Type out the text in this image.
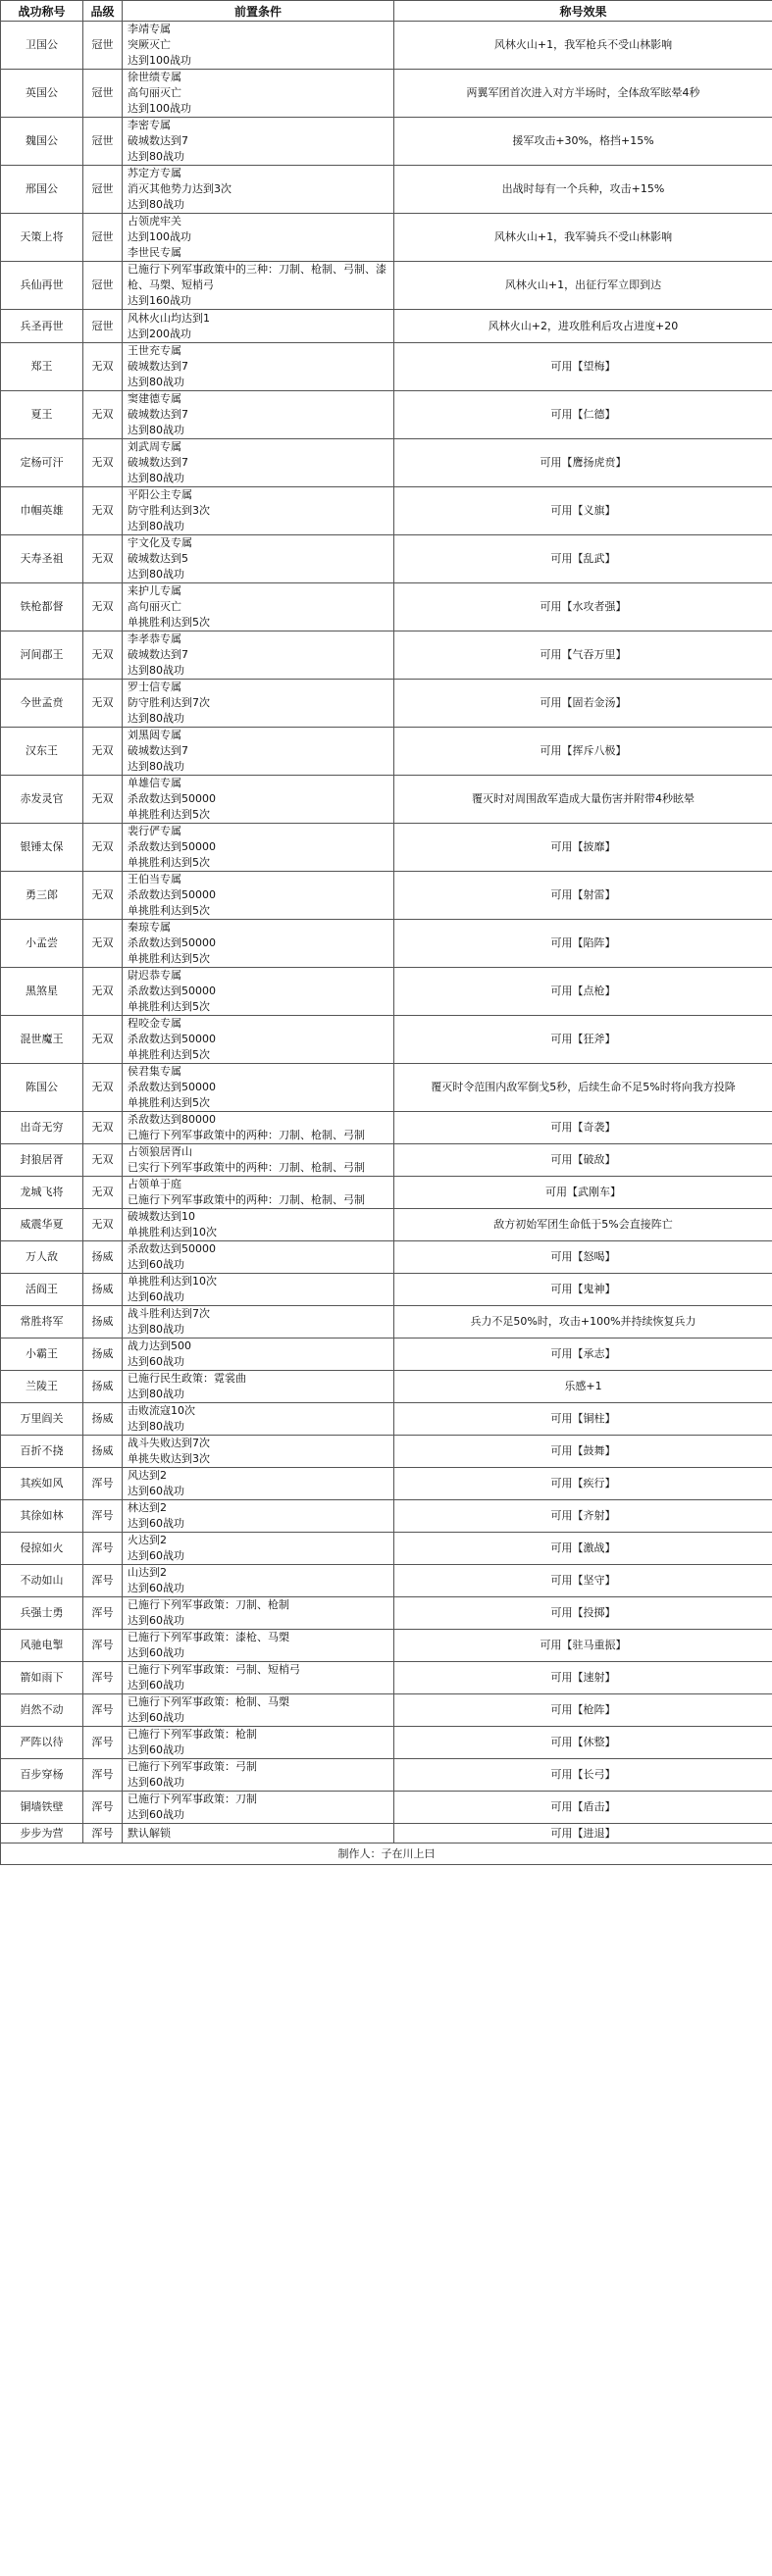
战功称号	品级	前置条件	称号效果
卫国公	冠世	李靖专属
突厥灭亡
达到100战功	风林火山+1，我军枪兵不受山林影响
英国公	冠世	徐世绩专属
高句丽灭亡
达到100战功	两翼军团首次进入对方半场时，全体敌军眩晕4秒
魏国公	冠世	李密专属
破城数达到7
达到80战功	援军攻击+30%，格挡+15%
邢国公	冠世	苏定方专属
消灭其他势力达到3次
达到80战功	出战时每有一个兵种，攻击+15%
天策上将	冠世	占领虎牢关
达到100战功
李世民专属	风林火山+1，我军骑兵不受山林影响
兵仙再世	冠世	已施行下列军事政策中的三种：刀制、枪制、弓制、漆
枪、马槊、短梢弓
达到160战功	风林火山+1，出征行军立即到达
兵圣再世	冠世	风林火山均达到1
达到200战功	风林火山+2，进攻胜利后攻占进度+20
郑王	无双	王世充专属
破城数达到7
达到80战功	可用【望梅】
夏王	无双	窦建德专属
破城数达到7
达到80战功	可用【仁德】
定杨可汗	无双	刘武周专属
破城数达到7
达到80战功	可用【鹰扬虎贲】
巾帼英雄	无双	平阳公主专属
防守胜利达到3次
达到80战功	可用【义旗】
天寿圣祖	无双	宇文化及专属
破城数达到5
达到80战功	可用【乱武】
铁枪都督	无双	来护儿专属
高句丽灭亡
单挑胜利达到5次	可用【水攻者强】
河间郡王	无双	李孝恭专属
破城数达到7
达到80战功	可用【气吞万里】
今世孟贲	无双	罗士信专属
防守胜利达到7次
达到80战功	可用【固若金汤】
汉东王	无双	刘黑闼专属
破城数达到7
达到80战功	可用【挥斥八极】
赤发灵官	无双	单雄信专属
杀敌数达到50000
单挑胜利达到5次	覆灭时对周围敌军造成大量伤害并附带4秒眩晕
银锤太保	无双	裴行俨专属
杀敌数达到50000
单挑胜利达到5次	可用【披靡】
勇三郎	无双	王伯当专属
杀敌数达到50000
单挑胜利达到5次	可用【射雷】
小孟尝	无双	秦琼专属
杀敌数达到50000
单挑胜利达到5次	可用【陷阵】
黑煞星	无双	尉迟恭专属
杀敌数达到50000
单挑胜利达到5次	可用【点枪】
混世魔王	无双	程咬金专属
杀敌数达到50000
单挑胜利达到5次	可用【狂斧】
陈国公	无双	侯君集专属
杀敌数达到50000
单挑胜利达到5次	覆灭时令范围内敌军倒戈5秒，后续生命不足5%时将向我方投降
出奇无穷	无双	杀敌数达到80000
已施行下列军事政策中的两种：刀制、枪制、弓制	可用【奇袭】
封狼居胥	无双	占领狼居胥山
已实行下列军事政策中的两种：刀制、枪制、弓制	可用【破敌】
龙城飞将	无双	占领单于庭
已施行下列军事政策中的两种：刀制、枪制、弓制	可用【武刚车】
威震华夏	无双	破城数达到10
单挑胜利达到10次	敌方初始军团生命低于5%会直接阵亡
万人敌	扬威	杀敌数达到50000
达到60战功	可用【怒喝】
活阎王	扬威	单挑胜利达到10次
达到60战功	可用【鬼神】
常胜将军	扬威	战斗胜利达到7次
达到80战功	兵力不足50%时，攻击+100%并持续恢复兵力
小霸王	扬威	战力达到500
达到60战功	可用【承志】
兰陵王	扬威	已施行民生政策：霓裳曲
达到80战功	乐感+1
万里阎关	扬威	击败流寇10次
达到80战功	可用【铜柱】
百折不挠	扬威	战斗失败达到7次
单挑失败达到3次	可用【鼓舞】
其疾如风	浑号	风达到2
达到60战功	可用【疾行】
其徐如林	浑号	林达到2
达到60战功	可用【齐射】
侵掠如火	浑号	火达到2
达到60战功	可用【激战】
不动如山	浑号	山达到2
达到60战功	可用【坚守】
兵强士勇	浑号	已施行下列军事政策：刀制、枪制
达到60战功	可用【投掷】
风驰电掣	浑号	已施行下列军事政策：漆枪、马槊
达到60战功	可用【驻马重振】
箭如雨下	浑号	已施行下列军事政策：弓制、短梢弓
达到60战功	可用【速射】
岿然不动	浑号	已施行下列军事政策：枪制、马槊
达到60战功	可用【枪阵】
严阵以待	浑号	已施行下列军事政策：枪制
达到60战功	可用【休整】
百步穿杨	浑号	已施行下列军事政策：弓制
达到60战功	可用【长弓】
铜墙铁壁	浑号	已施行下列军事政策：刀制
达到60战功	可用【盾击】
步步为营	浑号	默认解锁	可用【进退】
制作人：子在川上曰			
